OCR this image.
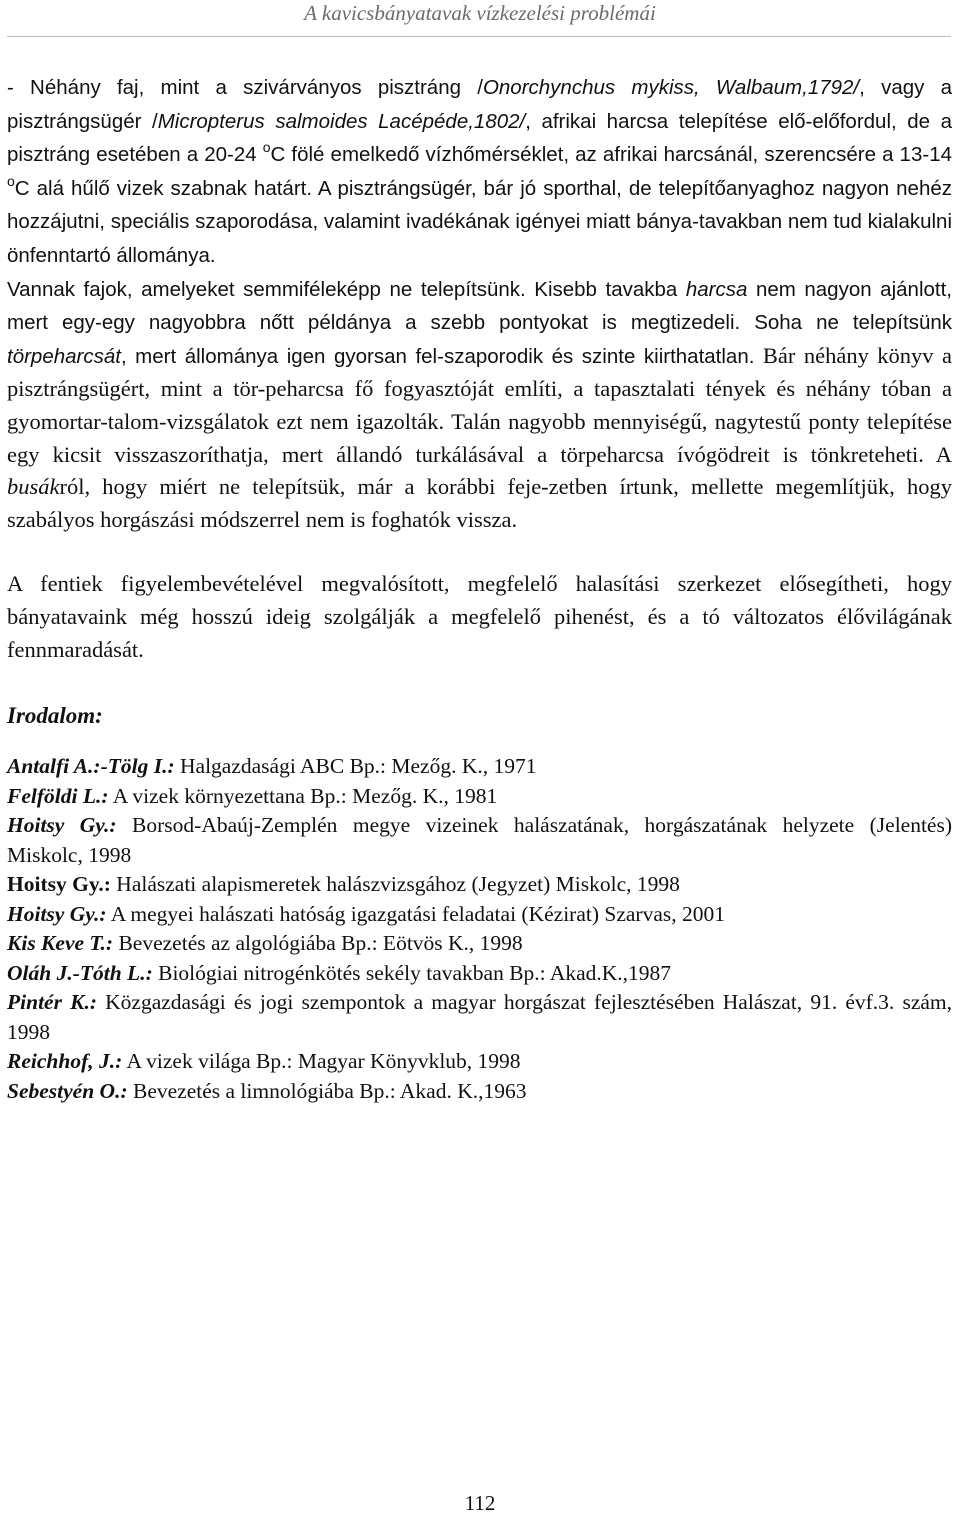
A kavicsbányatavak vízkezelési problémái

- Néhány faj, mint a szivárványos pisztráng /Onorchynchus mykiss, Walbaum,1792/, vagy a pisztrángsügér /Micropterus salmoides Lacépéde,1802/, afrikai harcsa telepítése elő-előfordul, de a pisztráng esetében a 20-24 $^o$C fölé emelkedő vízhőmérséklet, az afrikai harcsánál, szerencsére a 13-14 $^o$C alá hűlő vizek szabnak határt. A pisztrángsügér, bár jó sporthal, de telepítőanyaghoz nagyon nehéz hozzájutni, speciális szaporodása, valamint ivadékának igényei miatt bánya-tavakban nem tud kialakulni önfenntartó állománya.
Vannak fajok, amelyeket semmiféleképp ne telepítsünk. Kisebb tavakba harcsa nem nagyon ajánlott, mert egy-egy nagyobbra nőtt példánya a szebb pontyokat is megtizedeli. Soha ne telepítsünk törpeharcsát, mert állománya igen gyorsan fel-szaporodik és szinte kiirthatatlan. Bár néhány könyv a pisztrángsügért, mint a tör-peharcsa fő fogyasztóját említi, a tapasztalati tények és néhány tóban a gyomortar-talom-vizsgálatok ezt nem igazolták. Talán nagyobb mennyiségű, nagytestű ponty telepítése egy kicsit visszaszoríthatja, mert állandó turkálásával a törpeharcsa ívógödreit is tönkreteheti. A busákról, hogy miért ne telepítsük, már a korábbi feje-zetben írtunk, mellette megemlítjük, hogy szabályos horgászási módszerrel nem is foghatók vissza.

A fentiek figyelembevételével megvalósított, megfelelő halasítási szerkezet elősegítheti, hogy bányatavaink még hosszú ideig szolgálják a megfelelő pihenést, és a tó változatos élővilágának fennmaradását.

Irodalom:
Antalfi A.:-Tölg I.: Halgazdasági ABC Bp.: Mezőg. K., 1971
Felföldi L.: A vizek környezettana Bp.: Mezőg. K., 1981
Hoitsy Gy.: Borsod-Abaúj-Zemplén megye vizeinek halászatának, horgászatának helyzete (Jelentés) Miskolc, 1998
Hoitsy Gy.: Halászati alapismeretek halászvizsgához (Jegyzet) Miskolc, 1998
Hoitsy Gy.: A megyei halászati hatóság igazgatási feladatai (Kézirat) Szarvas, 2001
Kis Keve T.: Bevezetés az algológiába Bp.: Eötvös K., 1998
Oláh J.-Tóth L.: Biológiai nitrogénkötés sekély tavakban Bp.: Akad.K.,1987
Pintér K.: Közgazdasági és jogi szempontok a magyar horgászat fejlesztésében Halászat, 91. évf.3. szám, 1998
Reichhof, J.: A vizek világa Bp.: Magyar Könyvklub, 1998
Sebestyén O.: Bevezetés a limnológiába Bp.: Akad. K.,1963
112
